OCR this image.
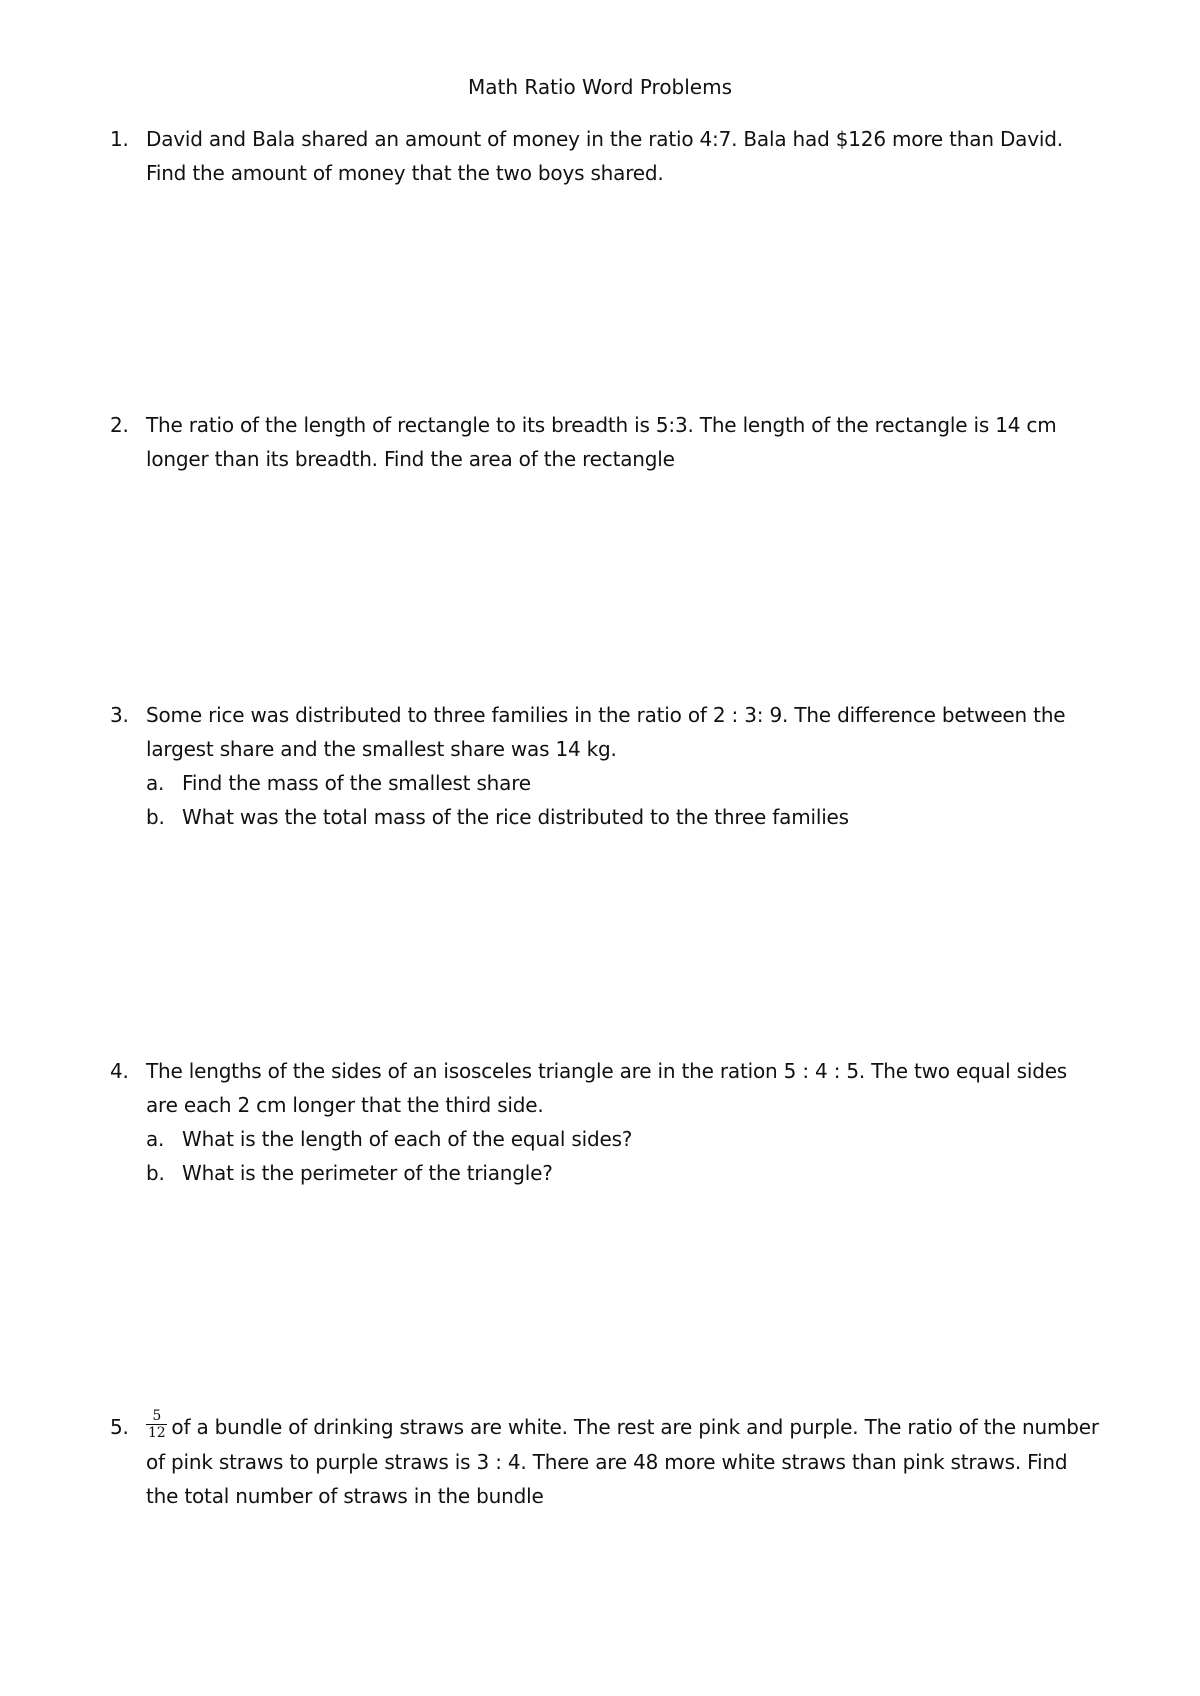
Math Ratio Word Problems
1. David and Bala shared an amount of money in the ratio 4:7. Bala had $126 more than David.
Find the amount of money that the two boys shared.
2. The ratio of the length of rectangle to its breadth is 5:3. The length of the rectangle is 14 cm
longer than its breadth. Find the area of the rectangle
3. Some rice was distributed to three families in the ratio of 2 : 3: 9. The difference between the
largest share and the smallest share was 14 kg.
a. Find the mass of the smallest share
b. What was the total mass of the rice distributed to the three families
4. The lengths of the sides of an isosceles triangle are in the ration 5 : 4 : 5. The two equal sides
are each 2 cm longer that the third side.
a. What is the length of each of the equal sides?
b. What is the perimeter of the triangle?
5.	$\frac{5}{12}$ of a bundle of drinking straws are white. The rest are pink and purple. The ratio of the number
of pink straws to purple straws is 3 : 4. There are 48 more white straws than pink straws. Find
the total number of straws in the bundle
